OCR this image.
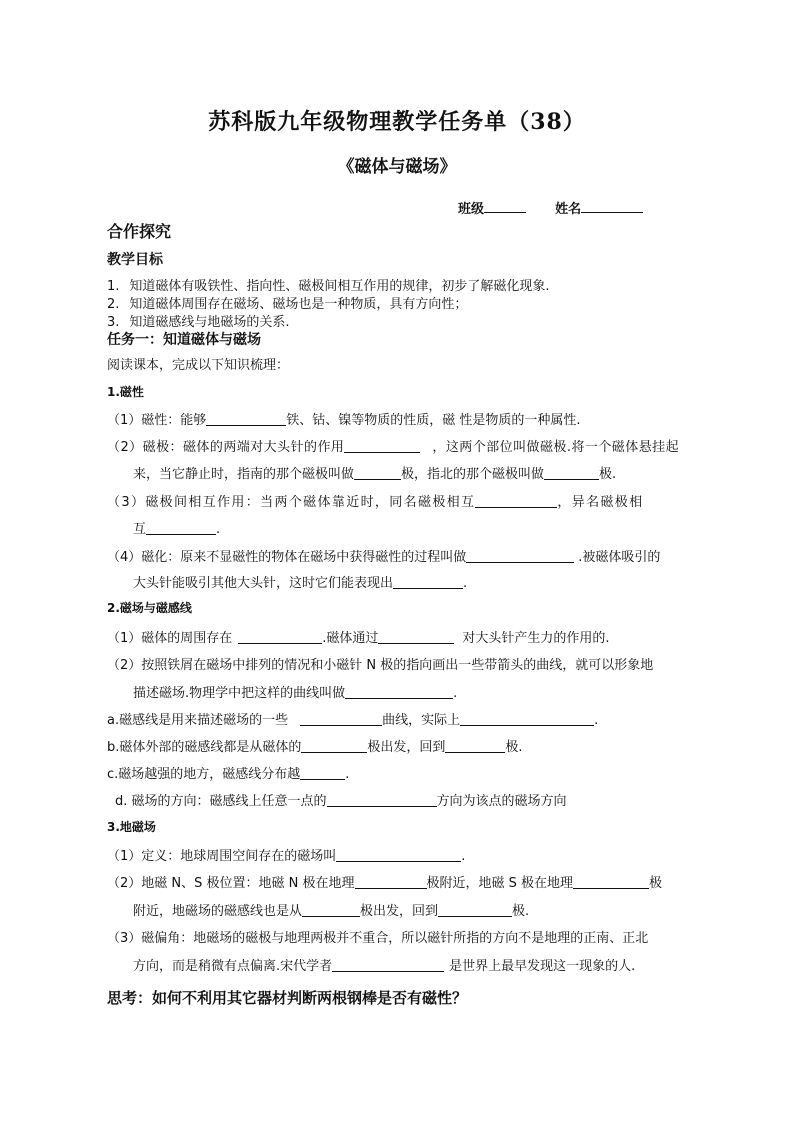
苏科版九年级物理教学任务单（38）
《磁体与磁场》
班级	姓名
合作探究
教学目标
1. 知道磁体有吸铁性、指向性、磁极间相互作用的规律，初步了解磁化现象.
2. 知道磁体周围存在磁场、磁场也是一种物质，具有方向性；
3. 知道磁感线与地磁场的关系.
任务一：知道磁体与磁场
阅读课本，完成以下知识梳理：
1.磁性
（1）磁性：能够	铁、钴、镍等物质的性质，磁 性是物质的一种属性.
（2）磁极：磁体的两端对大头针的作用	，这两个部位叫做磁极.将一个磁体悬挂起
来，当它静止时，指南的那个磁极叫做	极，指北的那个磁极叫做	极.
（3）磁极间相互作用：当两个磁体靠近时，同名磁极相互	，异名磁极相
互	.
（4）磁化：原来不显磁性的物体在磁场中获得磁性的过程叫做	.被磁体吸引的
大头针能吸引其他大头针，这时它们能表现出	.
2.磁场与磁感线
（1）磁体的周围存在	.磁体通过	对大头针产生力的作用的.
（2）按照铁屑在磁场中排列的情况和小磁针 N 极的指向画出一些带箭头的曲线，就可以形象地
描述磁场.物理学中把这样的曲线叫做	.
a.磁感线是用来描述磁场的一些	曲线，实际上	.
b.磁体外部的磁感线都是从磁体的	极出发，回到	极.
c.磁场越强的地方，磁感线分布越	.
d. 磁场的方向：磁感线上任意一点的	方向为该点的磁场方向
3.地磁场
（1）定义：地球周围空间存在的磁场叫	.
（2）地磁 N、S 极位置：地磁 N 极在地理	极附近，地磁 S 极在地理	极
附近，地磁场的磁感线也是从	极出发，回到	极.
（3）磁偏角：地磁场的磁极与地理两极并不重合，所以磁针所指的方向不是地理的正南、正北
方向，而是稍微有点偏离.宋代学者	是世界上最早发现这一现象的人.
思考：如何不利用其它器材判断两根钢棒是否有磁性？
